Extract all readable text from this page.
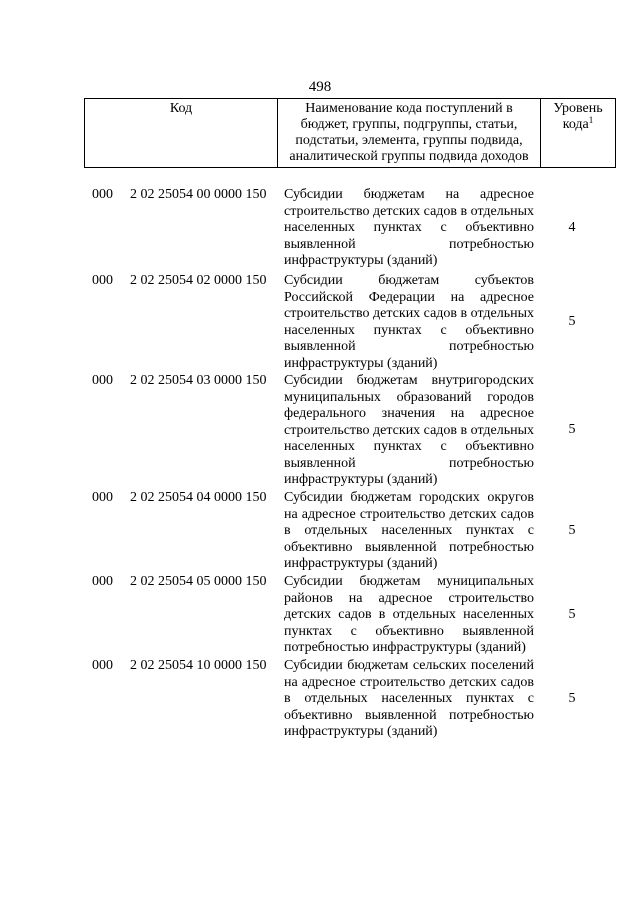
498
Код	Наименование кода поступлений в бюджет, группы, подгруппы, статьи, подстатьи, элемента, группы подвида, аналитической группы подвида доходов
Уровень кода$^1$
000 2 02 25054 00 0000 150 Субсидии бюджетам на адресное строительство детских садов в отдельных населенных пунктах с объективно выявленной потребностью инфраструктуры (зданий)
4
000 2 02 25054 02 0000 150 Субсидии бюджетам субъектов Российской Федерации на адресное строительство детских садов в отдельных населенных пунктах с объективно выявленной потребностью инфраструктуры (зданий)
5
000 2 02 25054 03 0000 150 Субсидии бюджетам внутригородских муниципальных образований городов федерального значения на адресное строительство детских садов в отдельных населенных пунктах с объективно выявленной потребностью инфраструктуры (зданий)
5
000 2 02 25054 04 0000 150 Субсидии бюджетам городских округов на адресное строительство детских садов в отдельных населенных пунктах с объективно выявленной потребностью инфраструктуры (зданий)
5
000 2 02 25054 05 0000 150 Субсидии бюджетам муниципальных районов на адресное строительство детских садов в отдельных населенных пунктах с объективно выявленной потребностью инфраструктуры (зданий)
5
000 2 02 25054 10 0000 150 Субсидии бюджетам сельских поселений на адресное строительство детских садов в отдельных населенных пунктах с объективно выявленной потребностью инфраструктуры (зданий)
5
